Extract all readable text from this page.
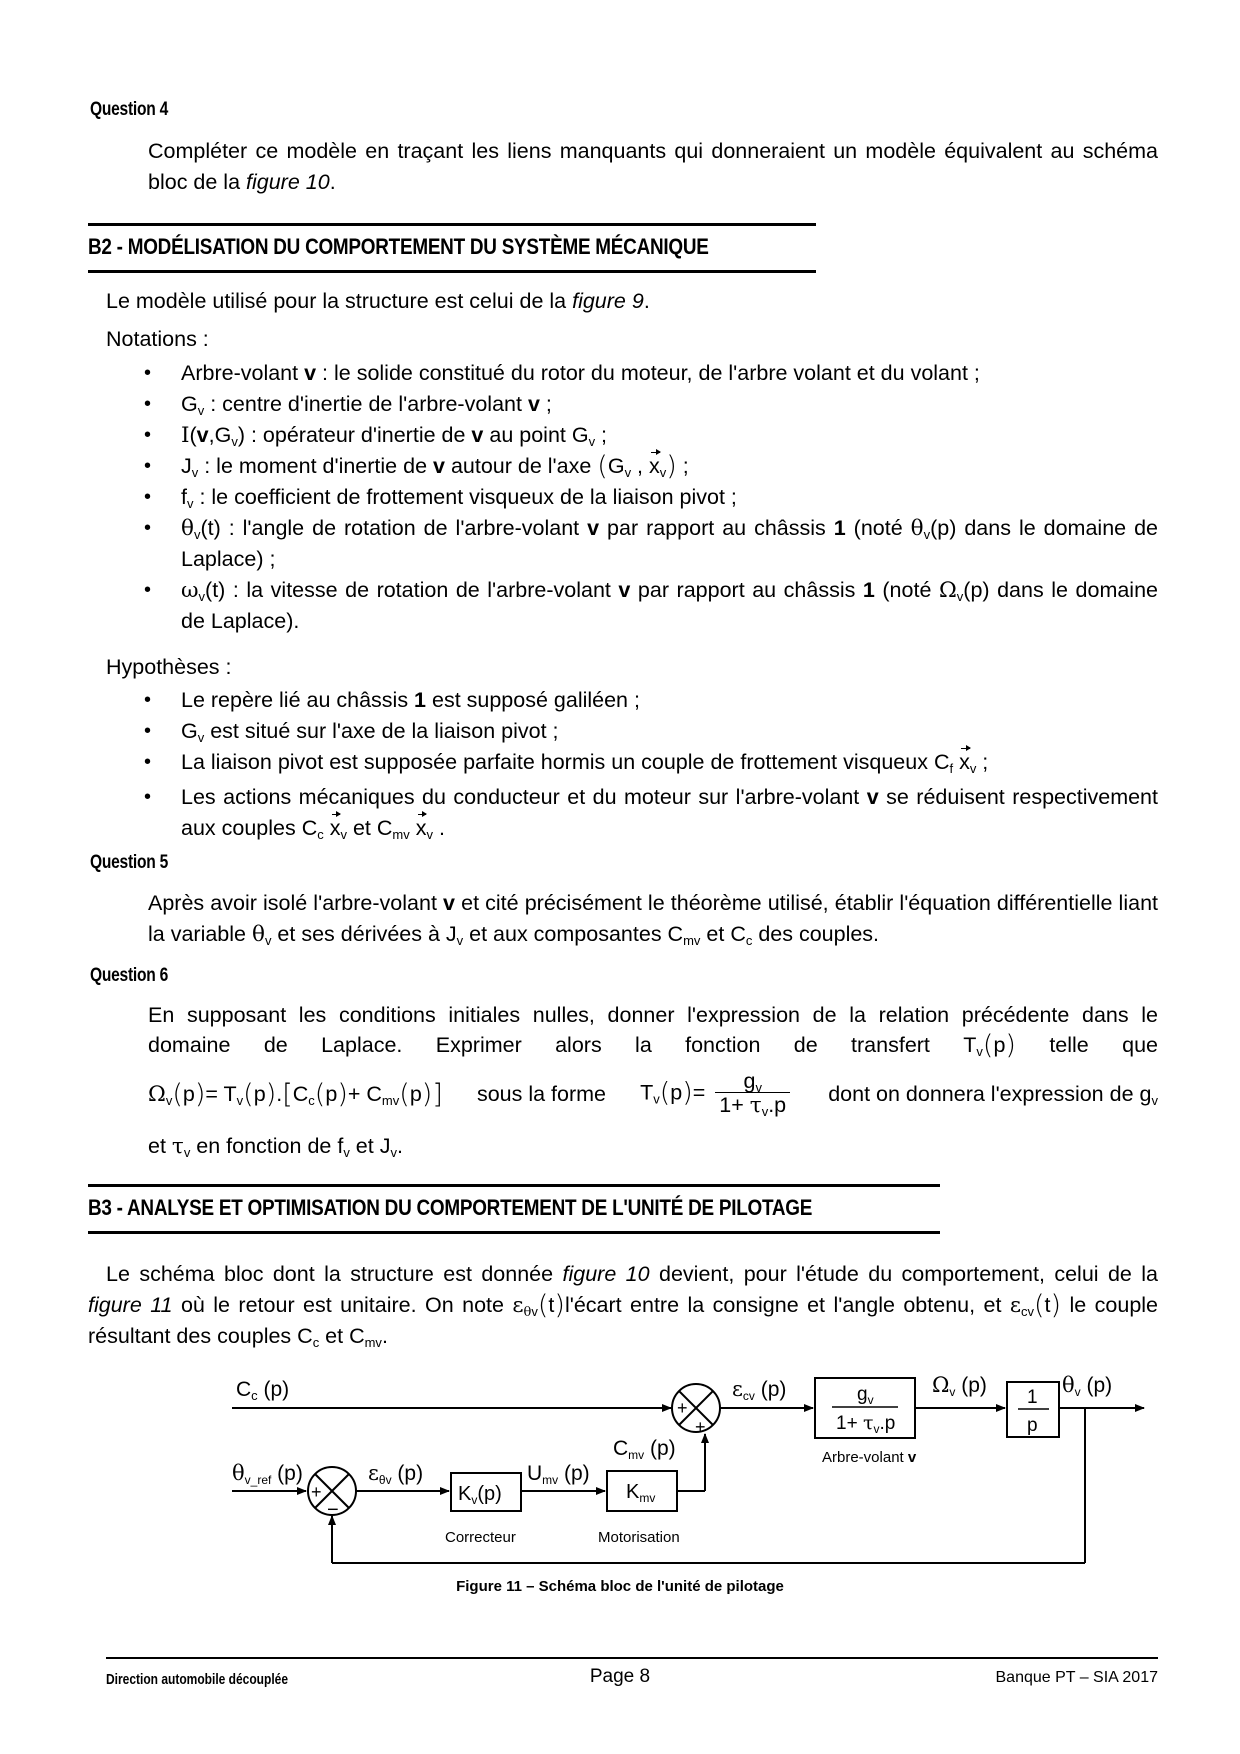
Question 4
Compléter ce modèle en traçant les liens manquants qui donneraient un modèle équivalent au schéma bloc de la figure 10.
B2 - MODÉLISATION DU COMPORTEMENT DU SYSTÈME MÉCANIQUE
Le modèle utilisé pour la structure est celui de la figure 9.
Notations :
• Arbre-volant v : le solide constitué du rotor du moteur, de l'arbre volant et du volant ;
• $G_v$ : centre d'inertie de l'arbre-volant v ;
• $I(v,G_v)$ : opérateur d'inertie de v au point $G_v$ ;
• $J_v$ : le moment d'inertie de v autour de l'axe ($G_v$ , $x_v$) ;
• $f_v$ : le coefficient de frottement visqueux de la liaison pivot ;
• $\theta_v(t)$ : l'angle de rotation de l'arbre-volant v par rapport au châssis 1 (noté $\theta_v(p)$ dans le domaine de Laplace) ;
• $\omega_v(t)$ : la vitesse de rotation de l'arbre-volant v par rapport au châssis 1 (noté $\Omega_v(p)$ dans le domaine de Laplace).
Hypothèses :
• Le repère lié au châssis 1 est supposé galiléen ;
• $G_v$ est situé sur l'axe de la liaison pivot ;
• La liaison pivot est supposée parfaite hormis un couple de frottement visqueux $C_f$ $x_v$ ;
• Les actions mécaniques du conducteur et du moteur sur l'arbre-volant v se réduisent respectivement aux couples $C_c$ $x_v$ et $C_{mv}$ $x_v$ .
Question 5
Après avoir isolé l'arbre-volant v et cité précisément le théorème utilisé, établir l'équation différentielle liant la variable $\theta_v$ et ses dérivées à $J_v$ et aux composantes $C_{mv}$ et $C_c$ des couples.
Question 6
En supposant les conditions initiales nulles, donner l'expression de la relation précédente dans le
domaine de Laplace. Exprimer alors la fonction de transfert $T_v(p)$ telle que
$\Omega_v(p)= T_v(p).[C_c(p)+ C_{mv}(p)]$ sous la forme $T_v(p)= \frac{g_v}{1+ \tau_v.p}$ dont on donnera l'expression de $g_v$
et $\tau_v$ en fonction de $f_v$ et $J_v$.
B3 - ANALYSE ET OPTIMISATION DU COMPORTEMENT DE L'UNITÉ DE PILOTAGE
Le schéma bloc dont la structure est donnée figure 10 devient, pour l'étude du comportement, celui de la figure 11 où le retour est unitaire. On note $\varepsilon_{\theta v}(t)l'écart$ entre la consigne et l'angle obtenu, et $\varepsilon_{cv}(t)$ le couple résultant des couples $C_c$ et $C_{mv}$.
+
+
+
−
Cc (p)
θv_ref (p)	εθv (p)	Umv (p)
Cmv (p)
εcv (p)	Ωv (p)	θv (p)
$K_v(p)$	$K_{mv}$
$g_v$
$1+ \tau_v.p$
1
p
Correcteur	Motorisation
Arbre-volant v
Figure 11 – Schéma bloc de l'unité de pilotage
Direction automobile découplée	Page 8	Banque PT – SIA 2017
